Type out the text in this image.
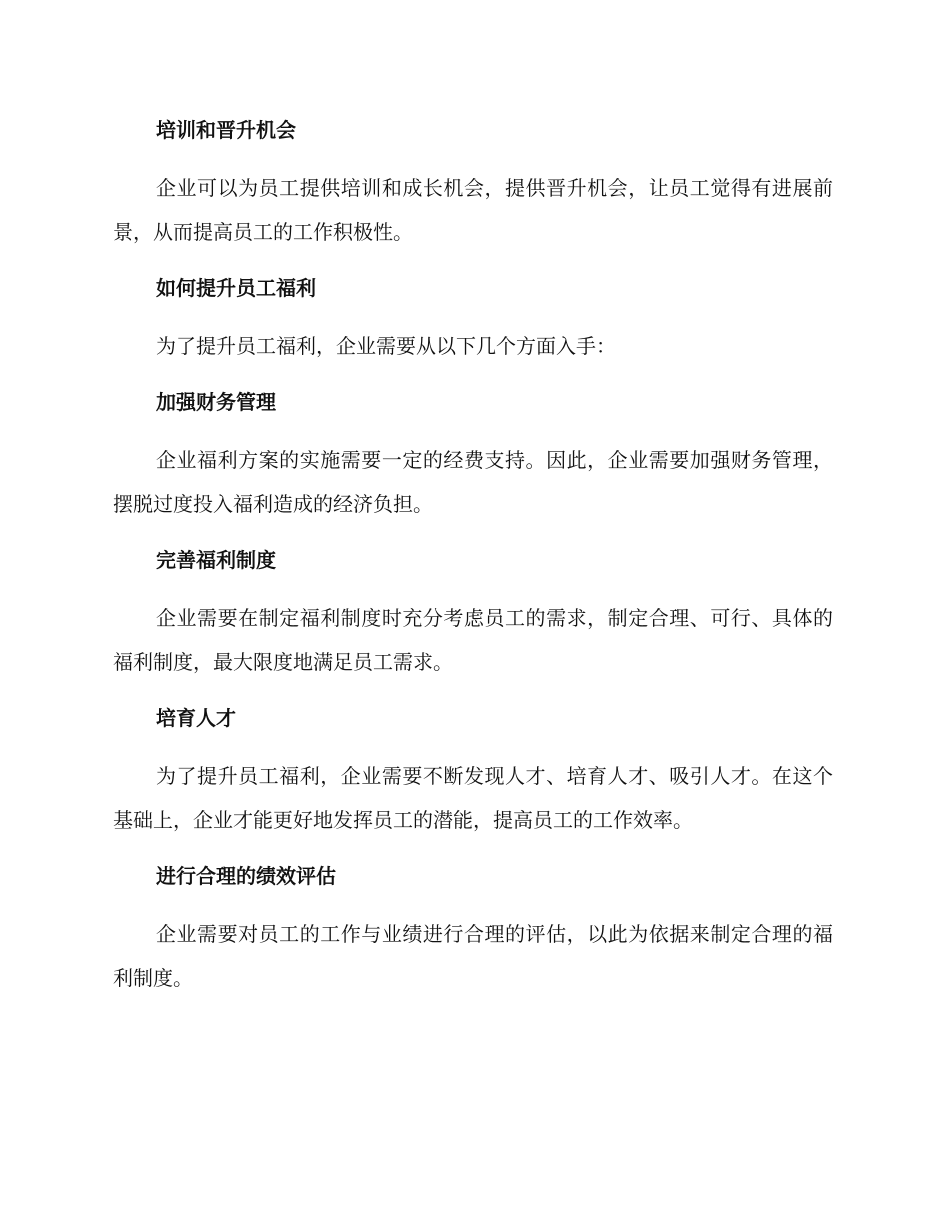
培训和晋升机会

企业可以为员工提供培训和成长机会，提供晋升机会，让员工觉得有进展前景，从而提高员工的工作积极性。

如何提升员工福利

为了提升员工福利，企业需要从以下几个方面入手：

加强财务管理

企业福利方案的实施需要一定的经费支持。因此，企业需要加强财务管理，摆脱过度投入福利造成的经济负担。

完善福利制度

企业需要在制定福利制度时充分考虑员工的需求，制定合理、可行、具体的福利制度，最大限度地满足员工需求。

培育人才

为了提升员工福利，企业需要不断发现人才、培育人才、吸引人才。在这个基础上，企业才能更好地发挥员工的潜能，提高员工的工作效率。

进行合理的绩效评估

企业需要对员工的工作与业绩进行合理的评估，以此为依据来制定合理的福利制度。
